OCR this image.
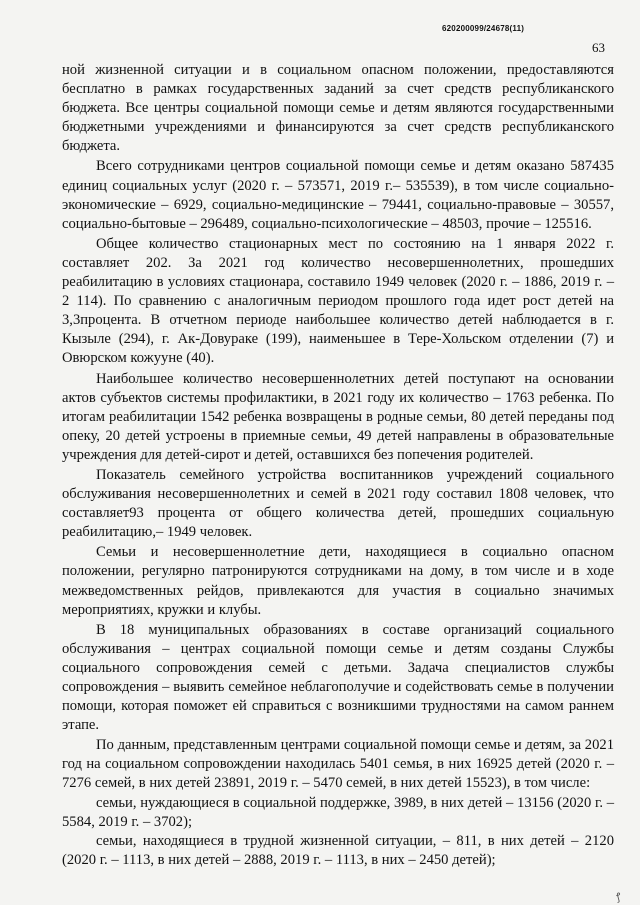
620200099/24678(11)
63

ной жизненной ситуации и в социальном опасном положении, предоставляются бесплатно в рамках государственных заданий за счет средств республиканского бюджета. Все центры социальной помощи семье и детям являются государственными бюджетными учреждениями и финансируются за счет средств республиканского бюджета.

Всего сотрудниками центров социальной помощи семье и детям оказано 587435 единиц социальных услуг (2020 г. – 573571, 2019 г.– 535539), в том числе социально-экономические – 6929, социально-медицинские – 79441, социально-правовые – 30557, социально-бытовые – 296489, социально-психологические – 48503, прочие – 125516.

Общее количество стационарных мест по состоянию на 1 января 2022 г. составляет 202. За 2021 год количество несовершеннолетних, прошедших реабилитацию в условиях стационара, составило 1949 человек (2020 г. – 1886, 2019 г. – 2 114). По сравнению с аналогичным периодом прошлого года идет рост детей на 3,3процента. В отчетном периоде наибольшее количество детей наблюдается в г. Кызыле (294), г. Ак-Довураке (199), наименьшее в Тере-Хольском отделении (7) и Овюрском кожууне (40).

Наибольшее количество несовершеннолетних детей поступают на основании актов субъектов системы профилактики, в 2021 году их количество – 1763 ребенка. По итогам реабилитации 1542 ребенка возвращены в родные семьи, 80 детей переданы под опеку, 20 детей устроены в приемные семьи, 49 детей направлены в образовательные учреждения для детей-сирот и детей, оставшихся без попечения родителей.

Показатель семейного устройства воспитанников учреждений социального обслуживания несовершеннолетних и семей в 2021 году составил 1808 человек, что составляет93 процента от общего количества детей, прошедших социальную реабилитацию,– 1949 человек.

Семьи и несовершеннолетние дети, находящиеся в социально опасном положении, регулярно патронируются сотрудниками на дому, в том числе и в ходе межведомственных рейдов, привлекаются для участия в социально значимых мероприятиях, кружки и клубы.

В 18 муниципальных образованиях в составе организаций социального обслуживания – центрах социальной помощи семье и детям созданы Службы социального сопровождения семей с детьми. Задача специалистов службы сопровождения – выявить семейное неблагополучие и содействовать семье в получении помощи, которая поможет ей справиться с возникшими трудностями на самом раннем этапе.

По данным, представленным центрами социальной помощи семье и детям, за 2021 год на социальном сопровождении находилась 5401 семья, в них 16925 детей (2020 г. – 7276 семей, в них детей 23891, 2019 г. – 5470 семей, в них детей 15523), в том числе:

семьи, нуждающиеся в социальной поддержке, 3989, в них детей – 13156 (2020 г. – 5584, 2019 г. – 3702);

семьи, находящиеся в трудной жизненной ситуации, – 811, в них детей – 2120 (2020 г. – 1113, в них детей – 2888, 2019 г. – 1113, в них – 2450 детей);

ꝭ
